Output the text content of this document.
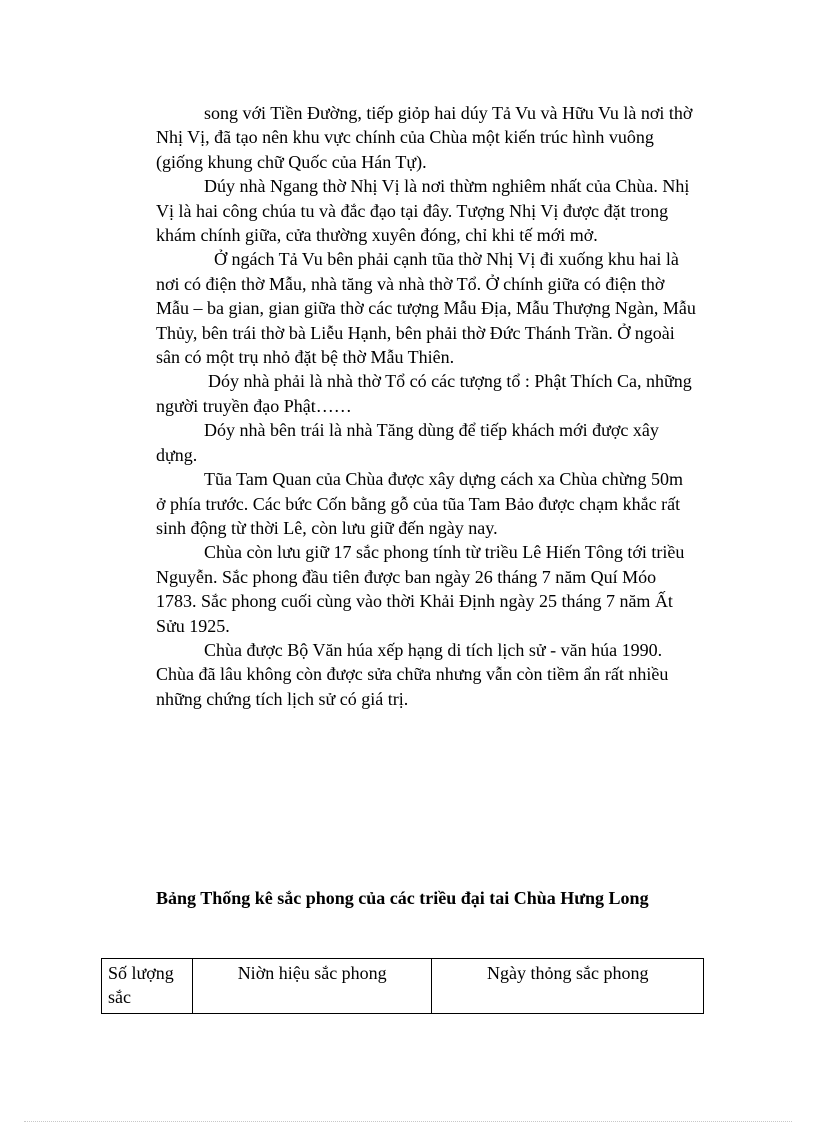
song với Tiền Đường, tiếp giỏp hai dúy Tả Vu và Hữu Vu là nơi thờ Nhị Vị, đã tạo nên khu vực chính của Chùa một kiến trúc hình vuông (giống khung chữ Quốc của Hán Tự).

Dúy nhà Ngang thờ Nhị Vị là nơi thừm nghiêm nhất của Chùa. Nhị Vị là hai công chúa tu và đắc đạo tại đây. Tượng Nhị Vị được đặt trong khám chính giữa, cửa thường xuyên đóng, chỉ khi tế mới mở.

Ở ngách Tả Vu bên phải cạnh tũa thờ Nhị Vị đi xuống khu hai là nơi có điện thờ Mẫu, nhà tăng và nhà thờ Tổ. Ở chính giữa có điện thờ Mẫu – ba gian, gian giữa thờ các tượng Mẫu Địa, Mẫu Thượng Ngàn, Mẫu Thủy, bên trái thờ bà Liễu Hạnh, bên phải thờ Đức Thánh Trần. Ở ngoài sân có một trụ nhỏ đặt bệ thờ Mẫu Thiên.

Dóy nhà phải là nhà thờ Tổ có các tượng tổ : Phật Thích Ca, những người truyền đạo Phật……

Dóy nhà bên trái là nhà Tăng dùng để tiếp khách mới được xây dựng.

Tũa Tam Quan của Chùa được xây dựng cách xa Chùa chừng 50m ở phía trước. Các bức Cốn bằng gỗ của tũa Tam Bảo được chạm khắc rất sinh động từ thời Lê, còn lưu giữ đến ngày nay.

Chùa còn lưu giữ 17 sắc phong tính từ triều Lê Hiến Tông tới triều Nguyễn. Sắc phong đầu tiên được ban ngày 26 tháng 7 năm Quí Móo 1783. Sắc phong cuối cùng vào thời Khải Định ngày 25 tháng 7 năm Ất Sửu 1925.

Chùa được Bộ Văn húa xếp hạng di tích lịch sử - văn húa 1990. Chùa đã lâu không còn được sửa chữa nhưng vẫn còn tiềm ẩn rất nhiều những chứng tích lịch sử có giá trị.

Bảng Thống kê sắc phong của các triều đại tai Chùa Hưng Long

Số lượng sắc	Niờn hiệu sắc phong	Ngày thỏng sắc phong
